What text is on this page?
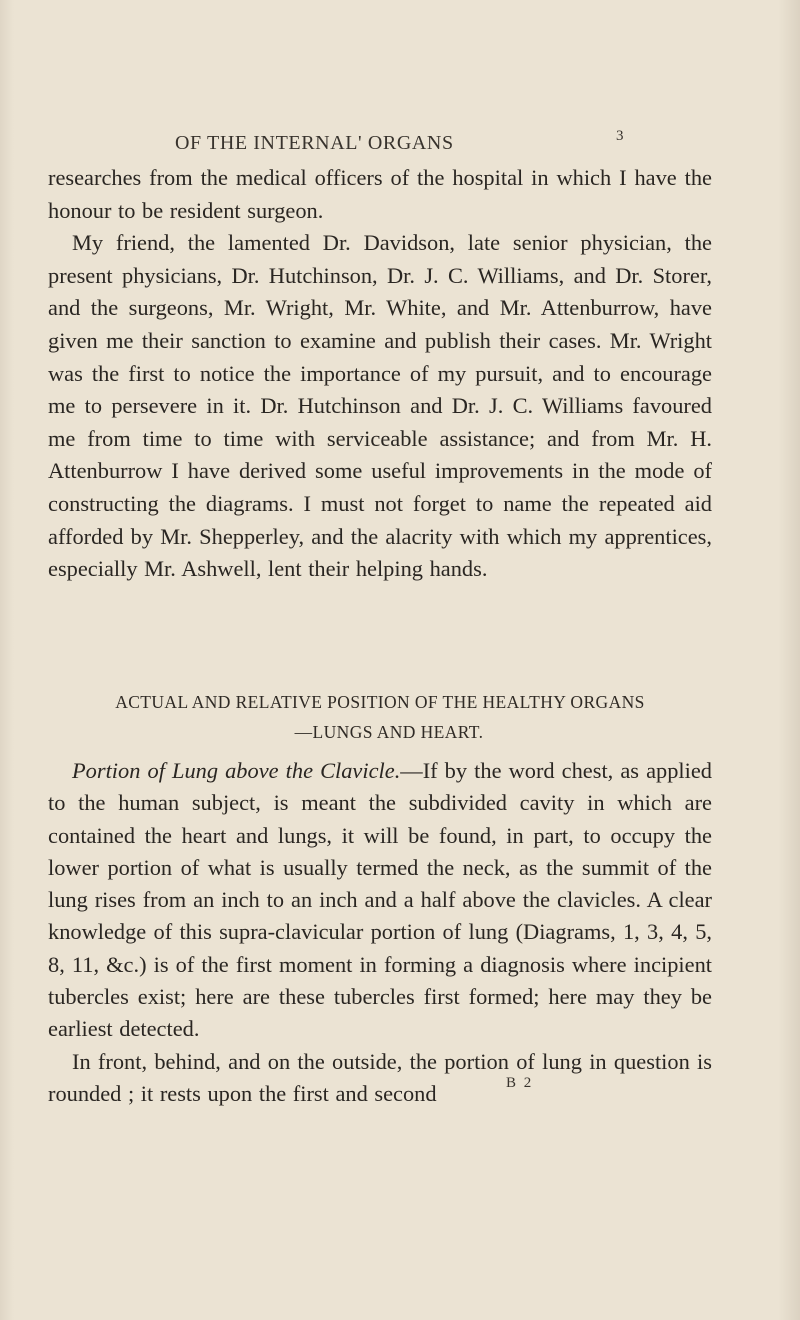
OF THE INTERNAL' ORGANS	3

researches from the medical officers of the hospital in which I have the honour to be resident surgeon.

My friend, the lamented Dr. Davidson, late senior physician, the present physicians, Dr. Hutchinson, Dr. J. C. Williams, and Dr. Storer, and the surgeons, Mr. Wright, Mr. White, and Mr. Attenburrow, have given me their sanction to examine and publish their cases. Mr. Wright was the first to notice the importance of my pursuit, and to encourage me to persevere in it. Dr. Hutchinson and Dr. J. C. Williams favoured me from time to time with serviceable assistance; and from Mr. H. Attenburrow I have derived some useful improvements in the mode of constructing the diagrams. I must not forget to name the repeated aid afforded by Mr. Shepperley, and the alacrity with which my apprentices, especially Mr. Ashwell, lent their helping hands.

ACTUAL AND RELATIVE POSITION OF THE HEALTHY ORGANS
—LUNGS AND HEART.

Portion of Lung above the Clavicle.—If by the word chest, as applied to the human subject, is meant the subdivided cavity in which are contained the heart and lungs, it will be found, in part, to occupy the lower portion of what is usually termed the neck, as the summit of the lung rises from an inch to an inch and a half above the clavicles. A clear knowledge of this supra-clavicular portion of lung (Diagrams, 1, 3, 4, 5, 8, 11, &c.) is of the first moment in forming a diagnosis where incipient tubercles exist; here are these tubercles first formed; here may they be earliest detected.

In front, behind, and on the outside, the portion of lung in question is rounded ; it rests upon the first and second	B 2
